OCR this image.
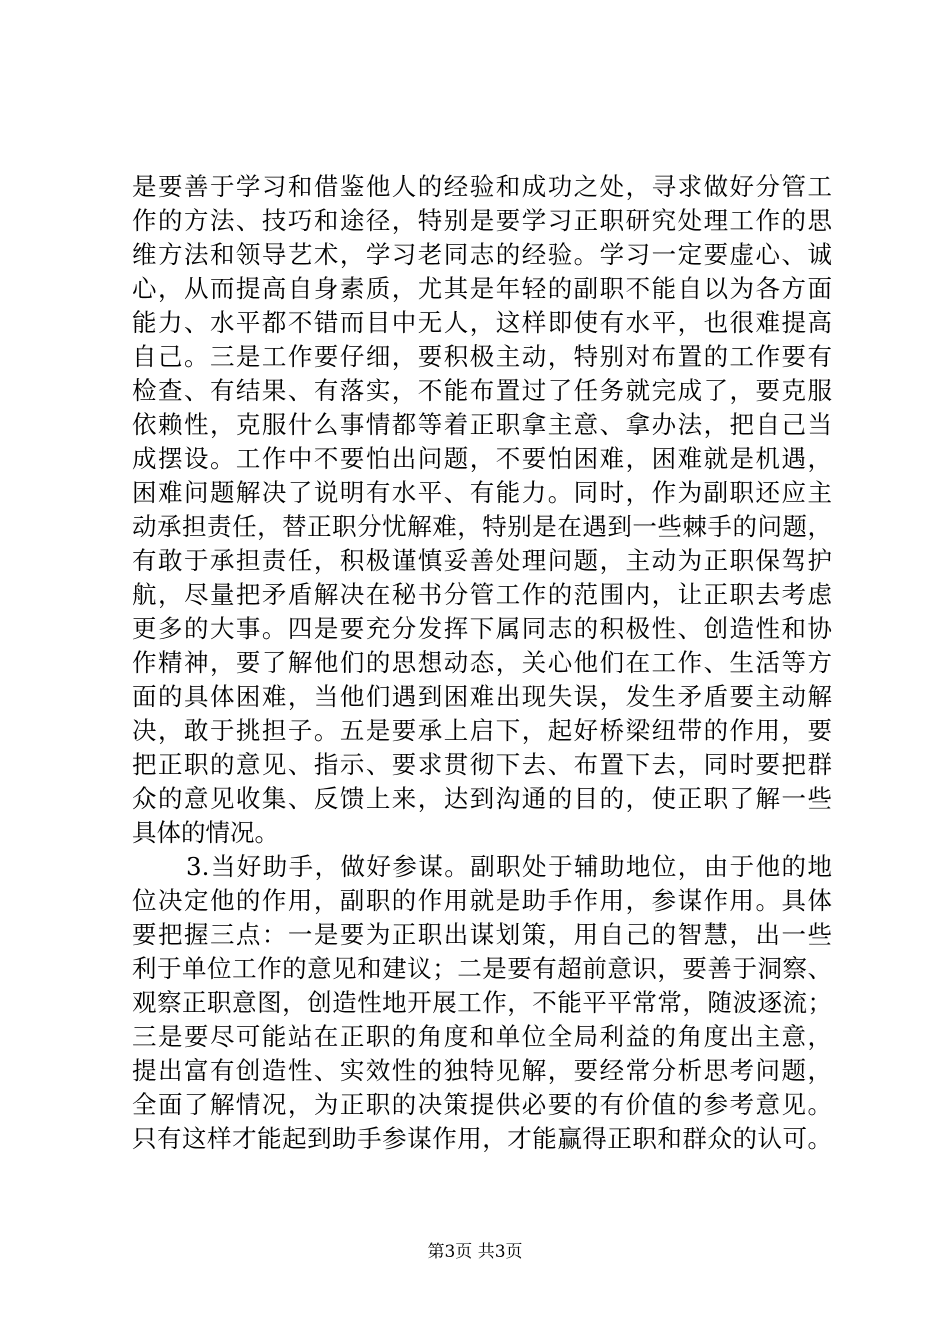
是要善于学习和借鉴他人的经验和成功之处，寻求做好分管工
作的方法、技巧和途径，特别是要学习正职研究处理工作的思
维方法和领导艺术，学习老同志的经验。学习一定要虚心、诚
心，从而提高自身素质，尤其是年轻的副职不能自以为各方面
能力、水平都不错而目中无人，这样即使有水平，也很难提高
自己。三是工作要仔细，要积极主动，特别对布置的工作要有
检查、有结果、有落实，不能布置过了任务就完成了，要克服
依赖性，克服什么事情都等着正职拿主意、拿办法，把自己当
成摆设。工作中不要怕出问题，不要怕困难，困难就是机遇，
困难问题解决了说明有水平、有能力。同时，作为副职还应主
动承担责任，替正职分忧解难，特别是在遇到一些棘手的问题，
有敢于承担责任，积极谨慎妥善处理问题，主动为正职保驾护
航，尽量把矛盾解决在秘书分管工作的范围内，让正职去考虑
更多的大事。四是要充分发挥下属同志的积极性、创造性和协
作精神，要了解他们的思想动态，关心他们在工作、生活等方
面的具体困难，当他们遇到困难出现失误，发生矛盾要主动解
决，敢于挑担子。五是要承上启下，起好桥梁纽带的作用，要
把正职的意见、指示、要求贯彻下去、布置下去，同时要把群
众的意见收集、反馈上来，达到沟通的目的，使正职了解一些
具体的情况。
3.当好助手，做好参谋。副职处于辅助地位，由于他的地
位决定他的作用，副职的作用就是助手作用，参谋作用。具体
要把握三点：一是要为正职出谋划策，用自己的智慧，出一些
利于单位工作的意见和建议；二是要有超前意识，要善于洞察、
观察正职意图，创造性地开展工作，不能平平常常，随波逐流；
三是要尽可能站在正职的角度和单位全局利益的角度出主意，
提出富有创造性、实效性的独特见解，要经常分析思考问题，
全面了解情况，为正职的决策提供必要的有价值的参考意见。
只有这样才能起到助手参谋作用，才能赢得正职和群众的认可。
第3页 共3页
